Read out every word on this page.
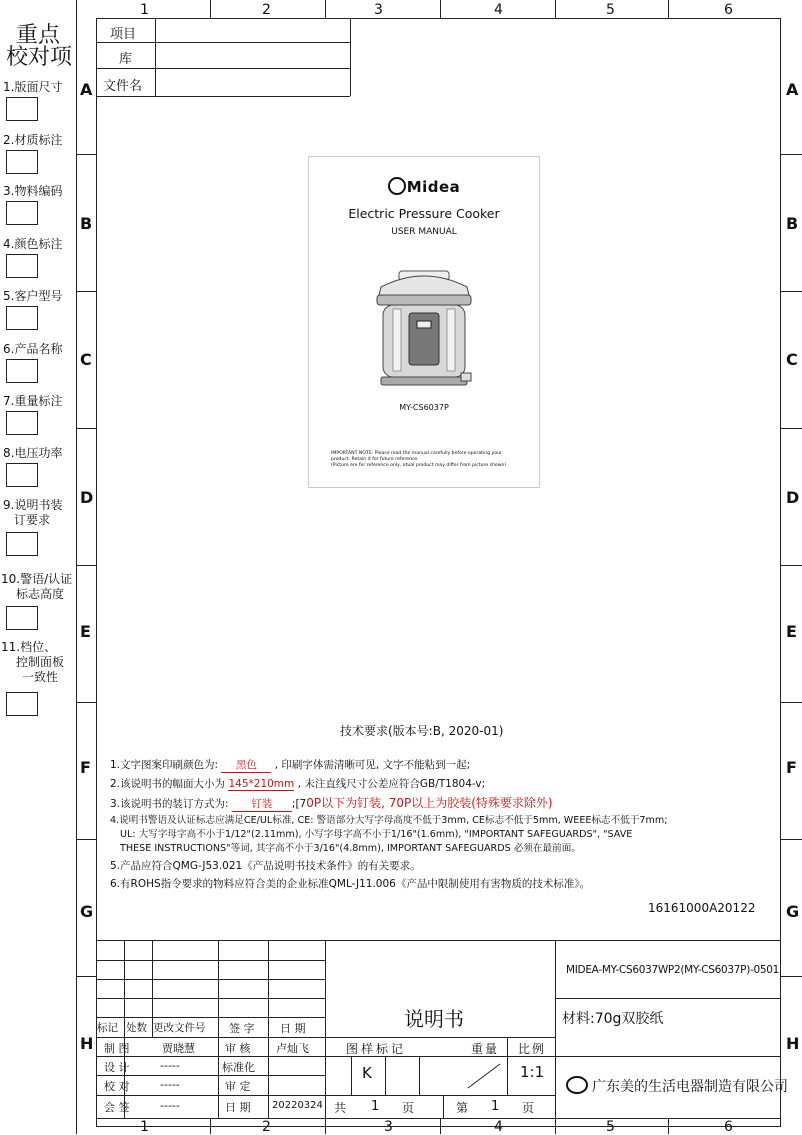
重点
校对项
1.版面尺寸
2.材质标注
3.物料编码
4.颜色标注
5.客户型号
6.产品名称
7.重量标注
8.电压功率
9.说明书装
订要求
10.警语/认证
标志高度
11.档位、
控制面板
一致性
1	2	3	4	5	6
1	2	3	4	5	6
A
B
C
D
E
F
G
H
A
B
C
D
E
F
G
H
项目
库
文件名
Midea
Electric Pressure Cooker
USER MANUAL
MY-CS6037P
IMPORTANT NOTE: Please read the manual carefully before operating your
product. Retain it for future reference.
(Picture are for reference only, atual product may differ from picture shown)
技术要求(版本号:B, 2020-01)
1.文字图案印刷颜色为: 黑色 , 印刷字体需清晰可见, 文字不能粘到一起;
2.该说明书的幅面大小为 145*210mm , 未注直线尺寸公差应符合GB/T1804-v;
3.该说明书的装订方式为: 钉装 ;[70P以下为钉装, 70P以上为胶装(特殊要求除外)
4.说明书警语及认证标志应满足CE/UL标准, CE: 警语部分大写字母高度不低于3mm, CE标志不低于5mm, WEEE标志不低于7mm;
UL: 大写字母字高不小于1/12"(2.11mm), 小写字母字高不小于1/16"(1.6mm), "IMPORTANT SAFEGUARDS", "SAVE
THESE INSTRUCTIONS"等词, 其字高不小于3/16"(4.8mm), IMPORTANT SAFEGUARDS 必须在最前面。
5.产品应符合QMG-J53.021《产品说明书技术条件》的有关要求。
6.有ROHS指令要求的物料应符合美的企业标准QML-J11.006《产品中限制使用有害物质的技术标准》。
16161000A20122
MIDEA-MY-CS6037WP2(MY-CS6037P)-0501
说明书	材料:70g双胶纸
广东美的生活电器制造有限公司
标记 处数 更改文件号 签 字 日 期
制 图	贾晓慧	审 核 卢灿飞
设 计	-----	标准化
校 对	-----	审 定
会 签	-----	日 期 20220324
图样标记	重量 比例
K	1:1
共 1 页	第 1 页
